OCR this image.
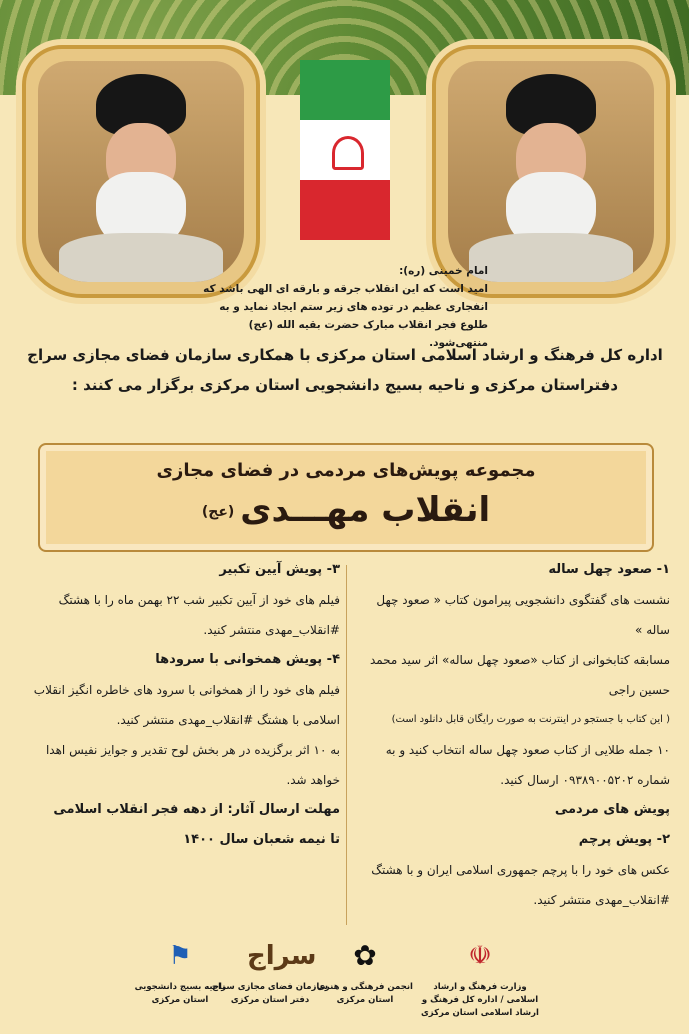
امام خمینی (ره):
امید است که این انقلاب جرقه و بارقه ای الهی باشد که انفجاری عظیم در توده های زیر ستم ایجاد نماید و به طلوع فجر انقلاب مبارک حضرت بقیه الله (عج) منتهی‌شود.
اداره کل فرهنگ و ارشاد اسلامی استان مرکزی با همکاری سازمان فضای مجازی سراج
دفتراستان مرکزی و ناحیه بسیج دانشجویی استان مرکزی برگزار می کنند :
مجموعه پویش‌های مردمی در فضای مجازی
انقلاب مهـــدی(عج)
۱- صعود چهل ساله
نشست های گفتگوی دانشجویی پیرامون کتاب « صعود چهل ساله »
مسابقه کتابخوانی از کتاب «صعود چهل ساله» اثر سید محمد حسین راجی
( این کتاب با جستجو در اینترنت به صورت رایگان قابل دانلود است)
۱۰ جمله طلایی از کتاب صعود چهل ساله انتخاب کنید و به شماره ۰۹۳۸۹۰۰۵۲۰۲ ارسال کنید.
پویش های مردمی
۲- پویش پرچم
عکس های خود را با پرچم جمهوری اسلامی ایران و با هشتگ #انقلاب_مهدی منتشر کنید.
۳- پویش آیین تکبیر
فیلم های خود از آیین تکبیر شب ۲۲ بهمن ماه را با هشتگ #انقلاب_مهدی منتشر کنید.
۴- پویش همخوانی با سرودها
فیلم های خود را از همخوانی با سرود های خاطره انگیز انقلاب اسلامی با هشتگ #انقلاب_مهدی منتشر کنید.
به ۱۰ اثر برگزیده در هر بخش لوح تقدیر و جوایز نفیس اهدا خواهد شد.
مهلت ارسال آثار: از دهه فجر انقلاب اسلامی
تا نیمه شعبان سال ۱۴۰۰
☫
وزارت فرهنگ و ارشاد اسلامی / اداره کل فرهنگ و ارشاد اسلامی استان مرکزی
✿
انجمن فرهنگی و هنری
استان مرکزی
سراج
سازمان فضای مجازی سراج
دفتر استان مرکزی
⚑
ناحیه بسیج دانشجویی
استان مرکزی
